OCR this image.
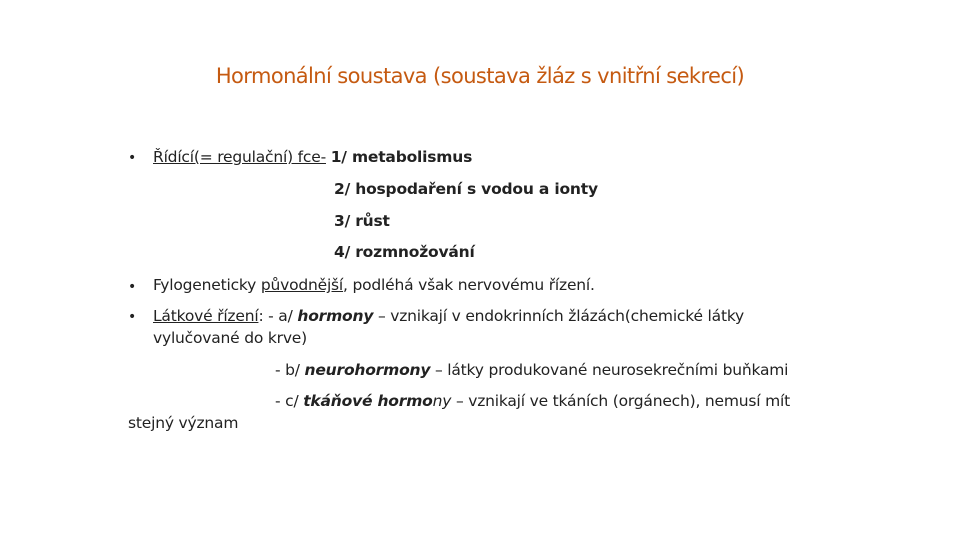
Hormonální soustava (soustava žláz s vnitřní sekrecí)
• Řídící(= regulační) fce- 1/ metabolismus
2/ hospodaření s vodou a ionty
3/ růst
4/ rozmnožování
• Fylogeneticky původnější, podléhá však nervovému řízení.
• Látkové řízení: - a/ hormony – vznikají v endokrinních žlázách(chemické látky
vylučované do krve)
- b/ neurohormony – látky produkované neurosekrečními buňkami
- c/ tkáňové hormony – vznikají ve tkáních (orgánech), nemusí mít
stejný význam
